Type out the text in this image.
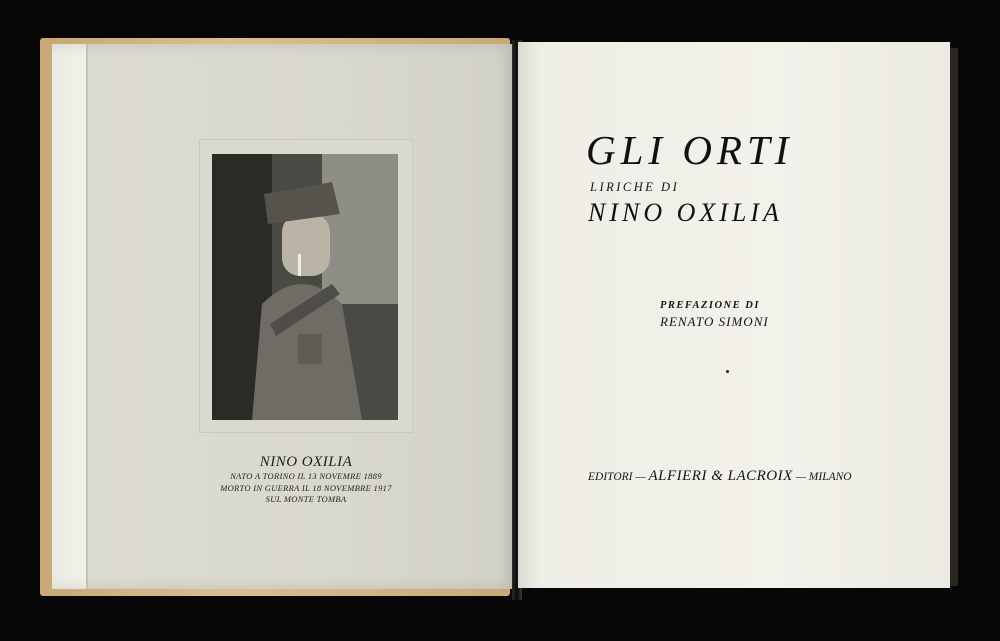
NINO OXILIA
NATO A TORINO IL 13 NOVEMRE 1889
MORTO IN GUERRA IL 18 NOVEMBRE 1917
SUL MONTE TOMBA
GLI ORTI
LIRICHE DI
NINO OXILIA
PREFAZIONE DI
RENATO SIMONI
EDITORI — ALFIERI & LACROIX — MILANO
